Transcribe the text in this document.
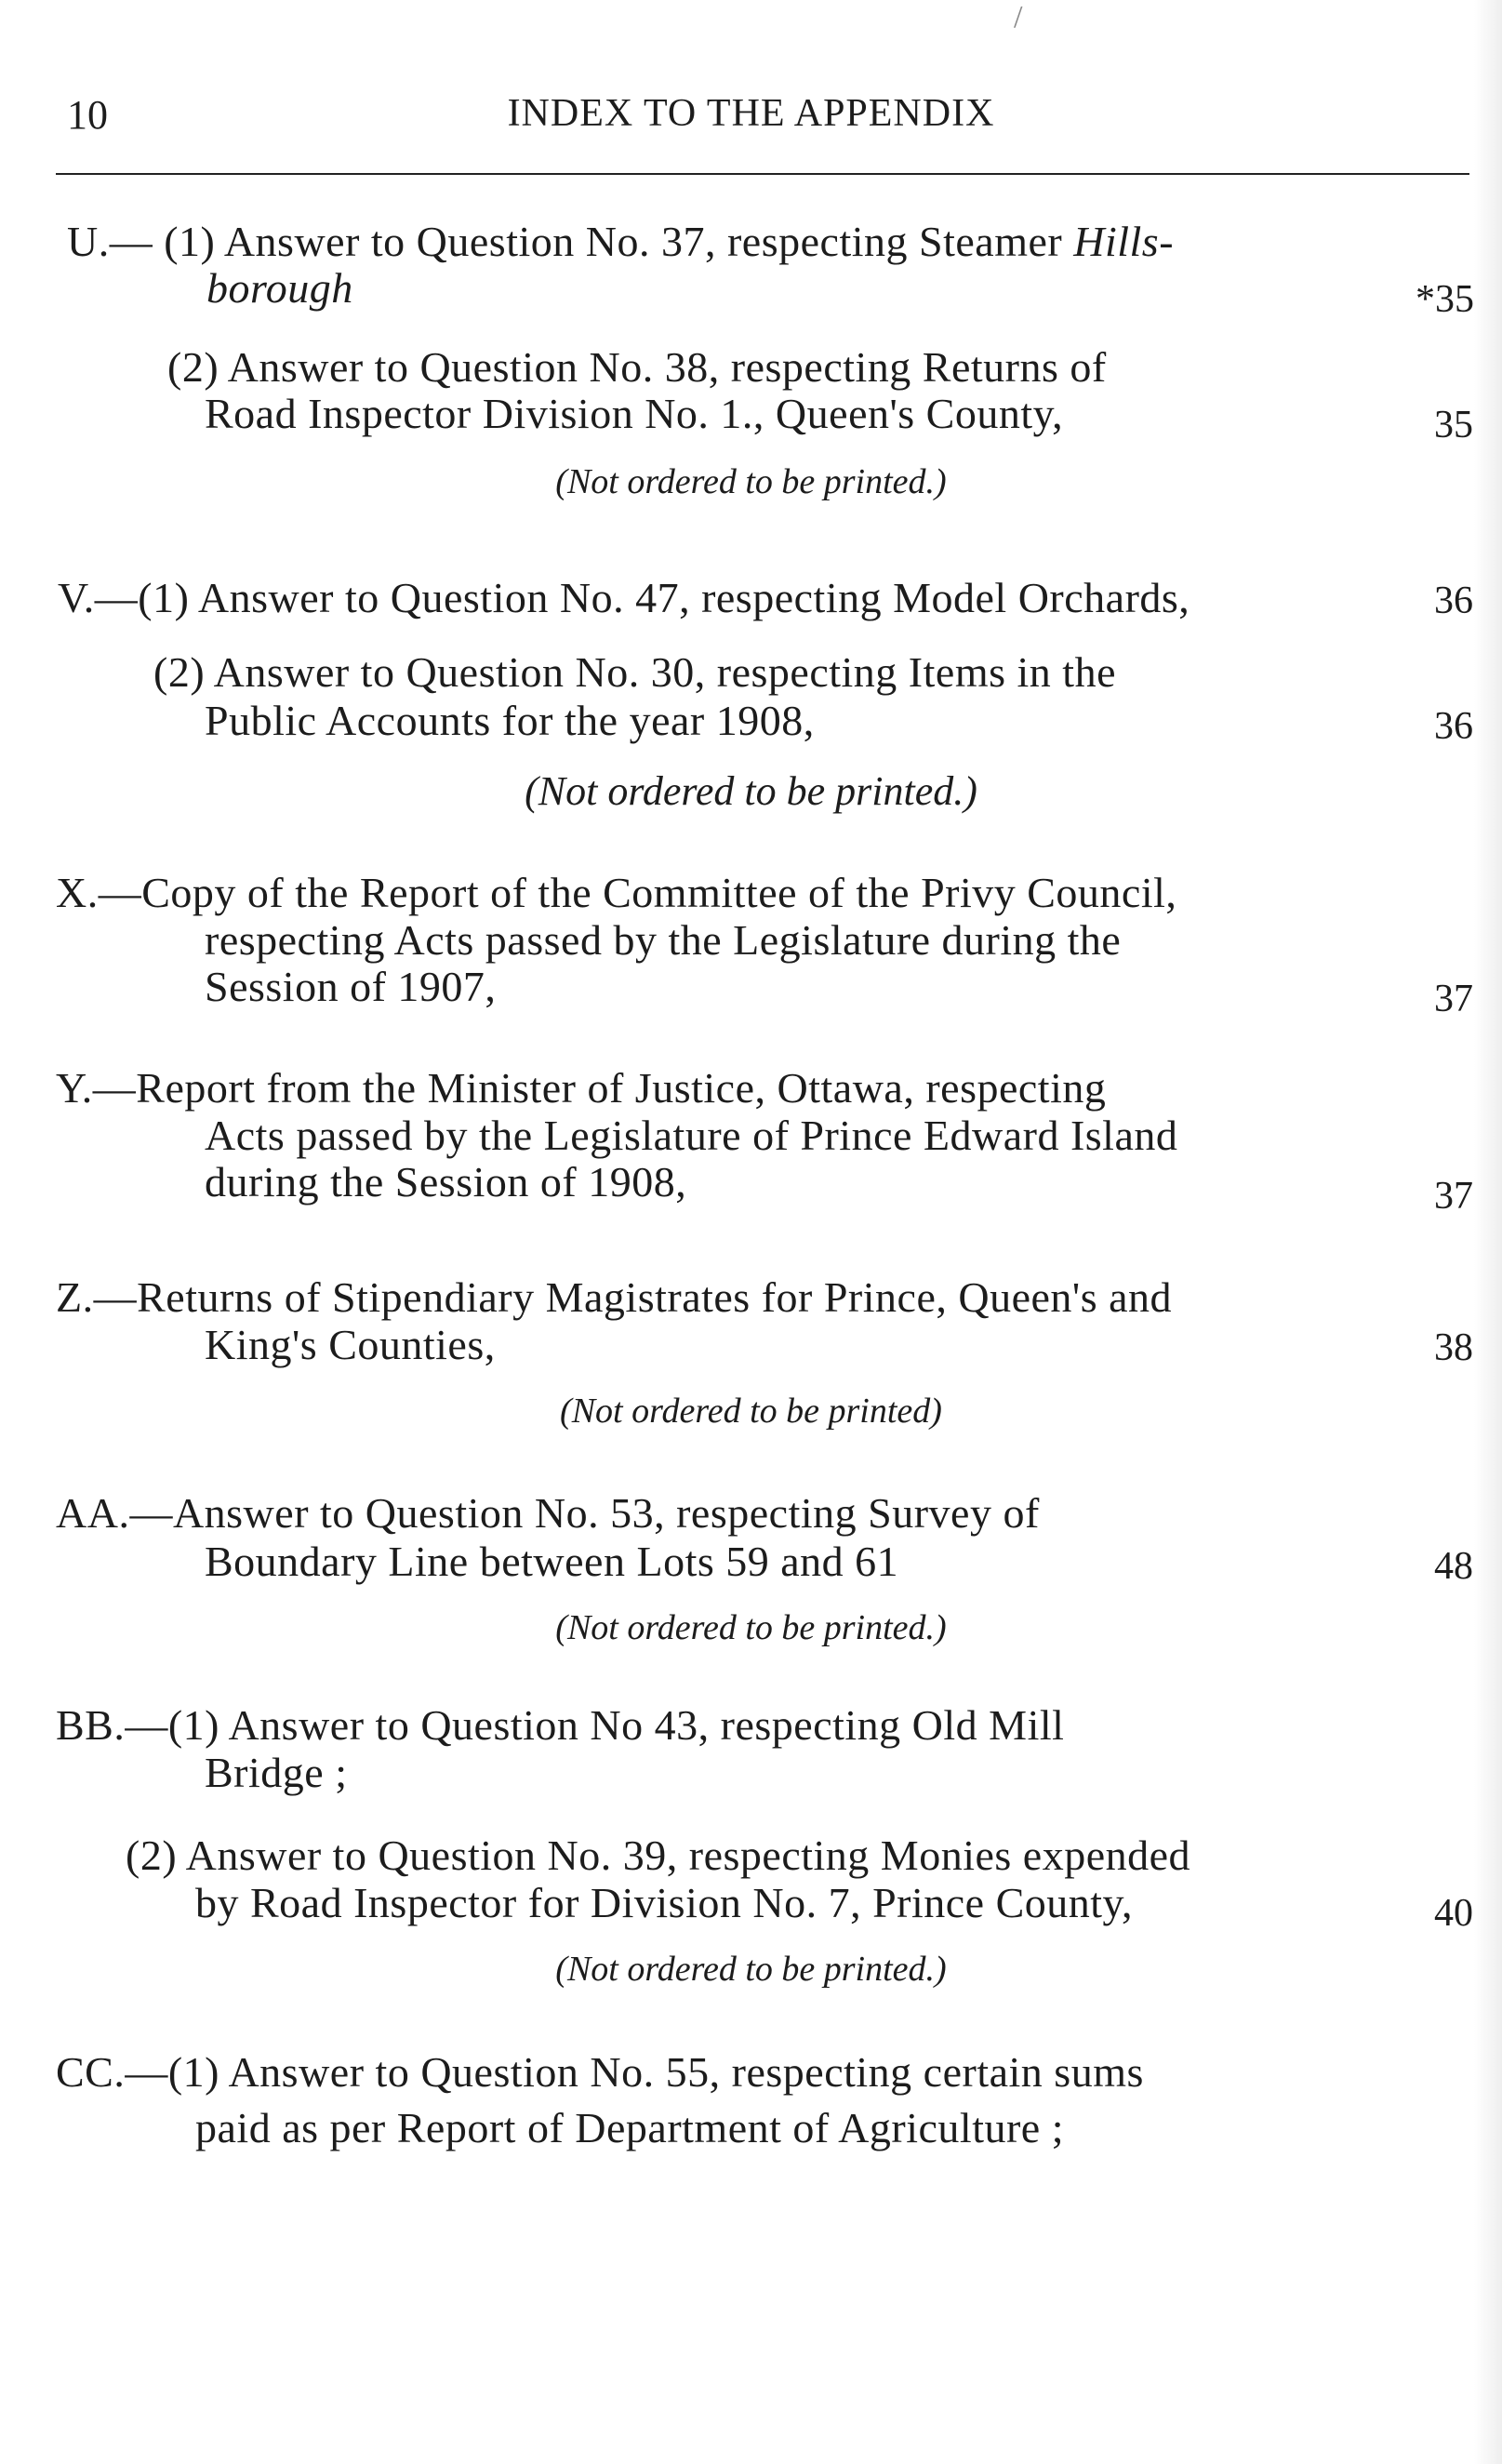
/
10	INDEX TO THE APPENDIX
U.— (1) Answer to Question No. 37, respecting Steamer Hills-
borough	*35
(2) Answer to Question No. 38, respecting Returns of
Road Inspector Division No. 1., Queen's County,	35
(Not ordered to be printed.)
V.—(1) Answer to Question No. 47, respecting Model Orchards,	36
(2) Answer to Question No. 30, respecting Items in the
Public Accounts for the year 1908,	36
(Not ordered to be printed.)
X.—Copy of the Report of the Committee of the Privy Council,
respecting Acts passed by the Legislature during the
Session of 1907,	37
Y.—Report from the Minister of Justice, Ottawa, respecting
Acts passed by the Legislature of Prince Edward Island
during the Session of 1908,	37
Z.—Returns of Stipendiary Magistrates for Prince, Queen's and
King's Counties,	38
(Not ordered to be printed)
AA.—Answer to Question No. 53, respecting Survey of
Boundary Line between Lots 59 and 61	48
(Not ordered to be printed.)
BB.—(1) Answer to Question No 43, respecting Old Mill
Bridge ;
(2) Answer to Question No. 39, respecting Monies expended
by Road Inspector for Division No. 7, Prince County,	40
(Not ordered to be printed.)
CC.—(1) Answer to Question No. 55, respecting certain sums
paid as per Report of Department of Agriculture ;
